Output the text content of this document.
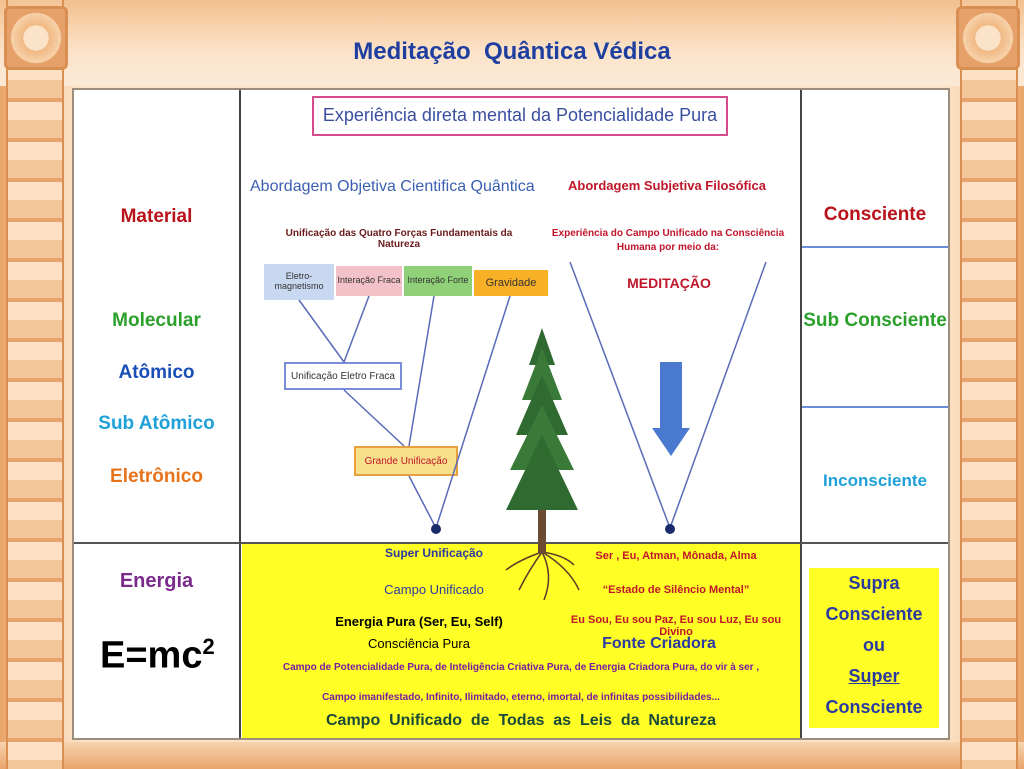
Meditação  Quântica Védica
Material
Molecular
Atômico
Sub Atômico
Eletrônico
Energia
$E=mc^2$
Consciente
Sub Consciente
Inconsciente
Supra
Consciente
ou
Super
Consciente
Experiência direta mental da Potencialidade Pura
Abordagem Objetiva Cientifica Quântica
Unificação das Quatro Forças Fundamentais da Natureza
Abordagem Subjetiva Filosófica
Experiência do Campo Unificado na Consciência
Humana por meio da:
MEDITAÇÃO
Eletro-
magnetismo
Interação Fraca Interação Forte	Gravidade
Unificação Eletro Fraca
Grande Unificação
Super Unificação
Campo Unificado
Energia Pura (Ser, Eu, Self)
Consciência Pura
Ser , Eu, Atman, Mônada, Alma
“Estado de Silêncio Mental”
Eu Sou, Eu sou Paz, Eu sou Luz, Eu sou Divino
Fonte Criadora
Campo de Potencialidade Pura, de Inteligência Criativa Pura, de Energia Criadora Pura, do vir à ser ,
Campo imanifestado, Infinito, Ilimitado, eterno, imortal, de infinitas possibilidades...
Campo  Unificado  de  Todas  as  Leis  da  Natureza
